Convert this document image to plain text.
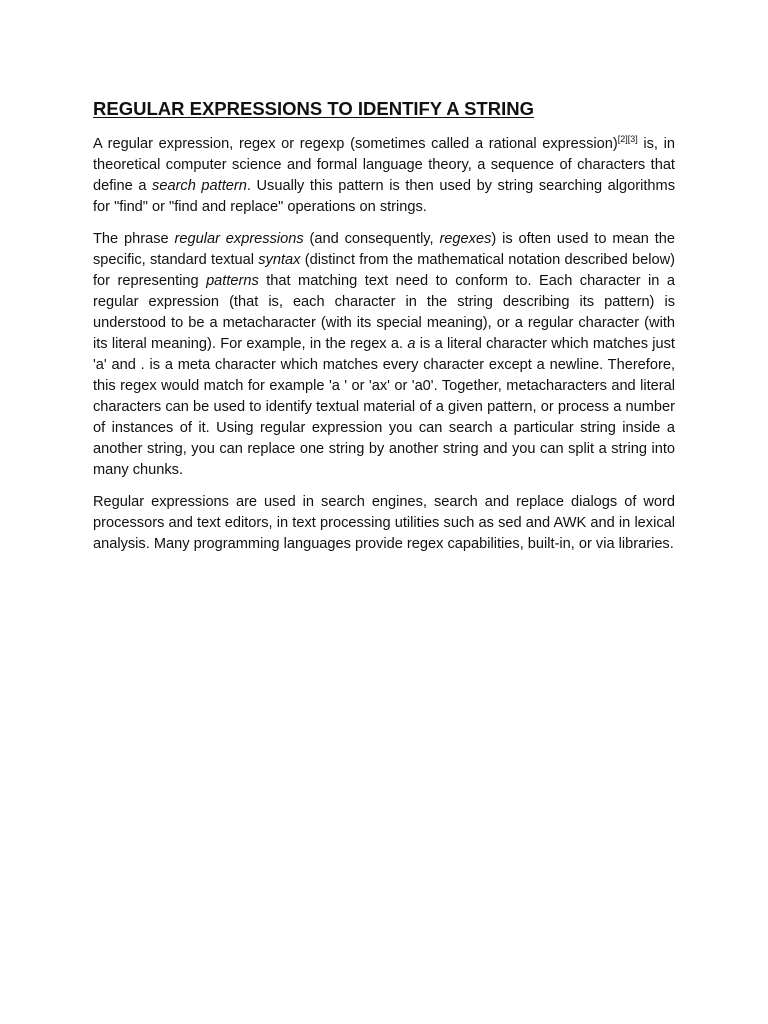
REGULAR EXPRESSIONS TO IDENTIFY A STRING

A regular expression, regex or regexp (sometimes called a rational expression)[2][3] is, in theoretical computer science and formal language theory, a sequence of characters that define a search pattern. Usually this pattern is then used by string searching algorithms for "find" or "find and replace" operations on strings.

The phrase regular expressions (and consequently, regexes) is often used to mean the specific, standard textual syntax (distinct from the mathematical notation described below) for representing patterns that matching text need to conform to. Each character in a regular expression (that is, each character in the string describing its pattern) is understood to be a metacharacter (with its special meaning), or a regular character (with its literal meaning). For example, in the regex a. a is a literal character which matches just 'a' and . is a meta character which matches every character except a newline. Therefore, this regex would match for example 'a ' or 'ax' or 'a0'. Together, metacharacters and literal characters can be used to identify textual material of a given pattern, or process a number of instances of it. Using regular expression you can search a particular string inside a another string, you can replace one string by another string and you can split a string into many chunks.

Regular expressions are used in search engines, search and replace dialogs of word processors and text editors, in text processing utilities such as sed and AWK and in lexical analysis. Many programming languages provide regex capabilities, built-in, or via libraries.
